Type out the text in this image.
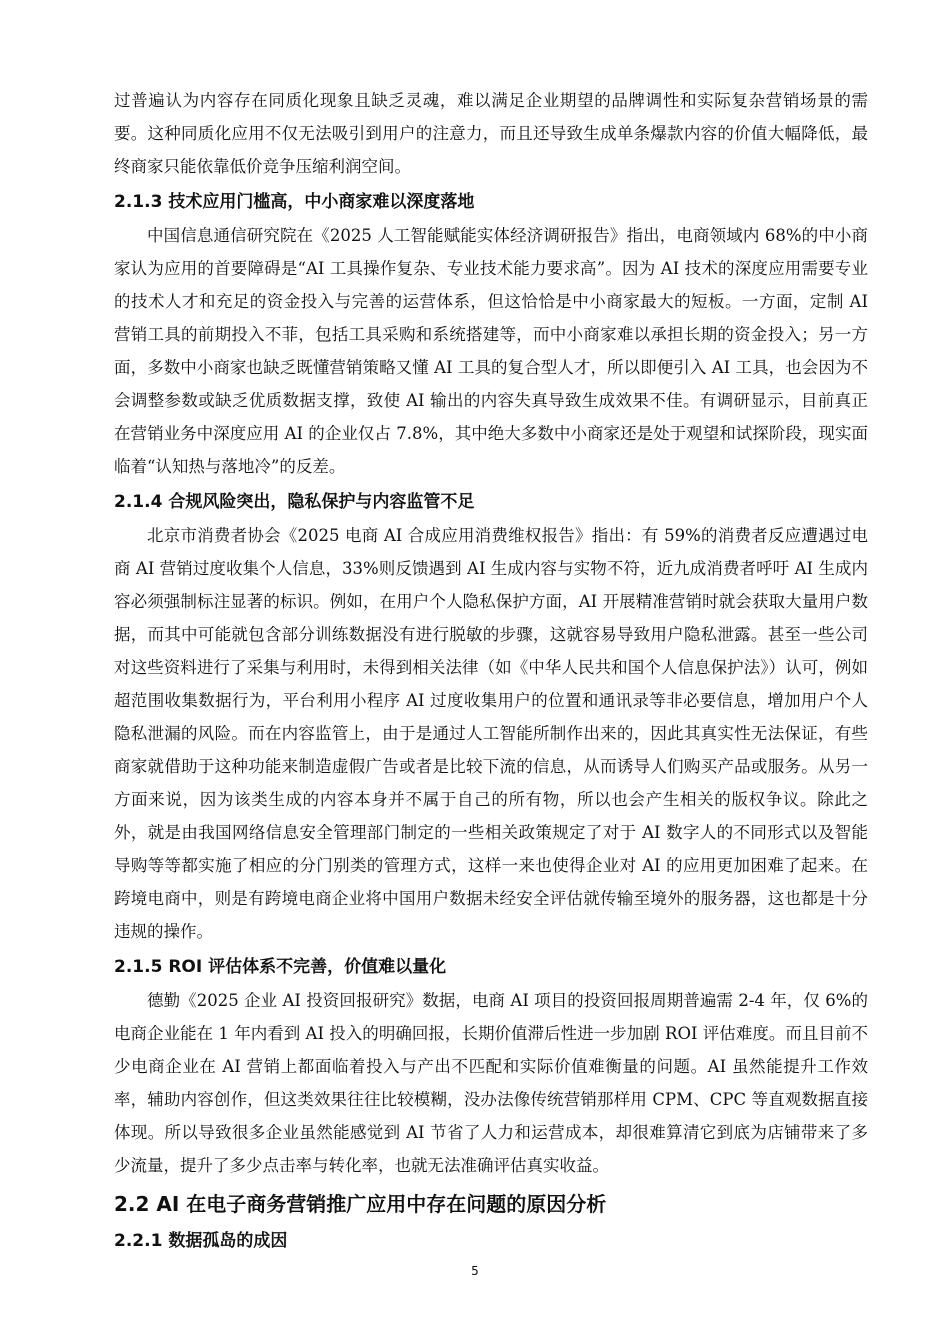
过普遍认为内容存在同质化现象且缺乏灵魂，难以满足企业期望的品牌调性和实际复杂营销场景的需要。这种同质化应用不仅无法吸引到用户的注意力，而且还导致生成单条爆款内容的价值大幅降低，最终商家只能依靠低价竞争压缩利润空间。

2.1.3 技术应用门槛高，中小商家难以深度落地

中国信息通信研究院在《2025 人工智能赋能实体经济调研报告》指出，电商领域内 68%的中小商家认为应用的首要障碍是“AI 工具操作复杂、专业技术能力要求高”。因为 AI 技术的深度应用需要专业的技术人才和充足的资金投入与完善的运营体系，但这恰恰是中小商家最大的短板。一方面，定制 AI 营销工具的前期投入不菲，包括工具采购和系统搭建等，而中小商家难以承担长期的资金投入；另一方面，多数中小商家也缺乏既懂营销策略又懂 AI 工具的复合型人才，所以即便引入 AI 工具，也会因为不会调整参数或缺乏优质数据支撑，致使 AI 输出的内容失真导致生成效果不佳。有调研显示，目前真正在营销业务中深度应用 AI 的企业仅占 7.8%，其中绝大多数中小商家还是处于观望和试探阶段，现实面临着“认知热与落地冷”的反差。

2.1.4 合规风险突出，隐私保护与内容监管不足

北京市消费者协会《2025 电商 AI 合成应用消费维权报告》指出：有 59%的消费者反应遭遇过电商 AI 营销过度收集个人信息，33%则反馈遇到 AI 生成内容与实物不符，近九成消费者呼吁 AI 生成内容必须强制标注显著的标识。例如，在用户个人隐私保护方面，AI 开展精准营销时就会获取大量用户数据，而其中可能就包含部分训练数据没有进行脱敏的步骤，这就容易导致用户隐私泄露。甚至一些公司对这些资料进行了采集与利用时，未得到相关法律（如《中华人民共和国个人信息保护法》）认可，例如超范围收集数据行为，平台利用小程序 AI 过度收集用户的位置和通讯录等非必要信息，增加用户个人隐私泄漏的风险。而在内容监管上，由于是通过人工智能所制作出来的，因此其真实性无法保证，有些商家就借助于这种功能来制造虚假广告或者是比较下流的信息，从而诱导人们购买产品或服务。从另一方面来说，因为该类生成的内容本身并不属于自己的所有物，所以也会产生相关的版权争议。除此之外，就是由我国网络信息安全管理部门制定的一些相关政策规定了对于 AI 数字人的不同形式以及智能导购等等都实施了相应的分门别类的管理方式，这样一来也使得企业对 AI 的应用更加困难了起来。在跨境电商中，则是有跨境电商企业将中国用户数据未经安全评估就传输至境外的服务器，这也都是十分违规的操作。

2.1.5 ROI 评估体系不完善，价值难以量化

德勤《2025 企业 AI 投资回报研究》数据，电商 AI 项目的投资回报周期普遍需 2-4 年，仅 6%的电商企业能在 1 年内看到 AI 投入的明确回报，长期价值滞后性进一步加剧 ROI 评估难度。而且目前不少电商企业在 AI 营销上都面临着投入与产出不匹配和实际价值难衡量的问题。AI 虽然能提升工作效率，辅助内容创作，但这类效果往往比较模糊，没办法像传统营销那样用 CPM、CPC 等直观数据直接体现。所以导致很多企业虽然能感觉到 AI 节省了人力和运营成本，却很难算清它到底为店铺带来了多少流量，提升了多少点击率与转化率，也就无法准确评估真实收益。

2.2 AI 在电子商务营销推广应用中存在问题的原因分析

2.2.1 数据孤岛的成因

5
